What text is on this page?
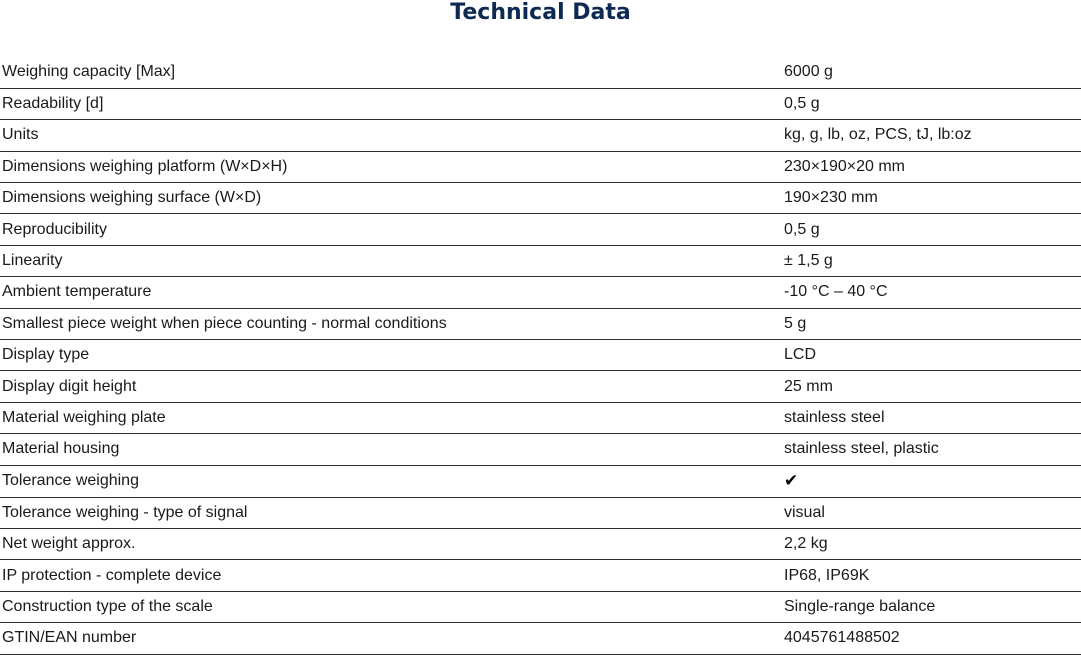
Technical Data
Weighing capacity [Max]	6000 g
Readability [d]	0,5 g
Units	kg, g, lb, oz, PCS, tJ, lb:oz
Dimensions weighing platform (W×D×H)	230×190×20 mm
Dimensions weighing surface (W×D)	190×230 mm
Reproducibility	0,5 g
Linearity	± 1,5 g
Ambient temperature	-10 °C – 40 °C
Smallest piece weight when piece counting - normal conditions	5 g
Display type	LCD
Display digit height	25 mm
Material weighing plate	stainless steel
Material housing	stainless steel, plastic
Tolerance weighing	✔
Tolerance weighing - type of signal	visual
Net weight approx.	2,2 kg
IP protection - complete device	IP68, IP69K
Construction type of the scale	Single-range balance
GTIN/EAN number	4045761488502
